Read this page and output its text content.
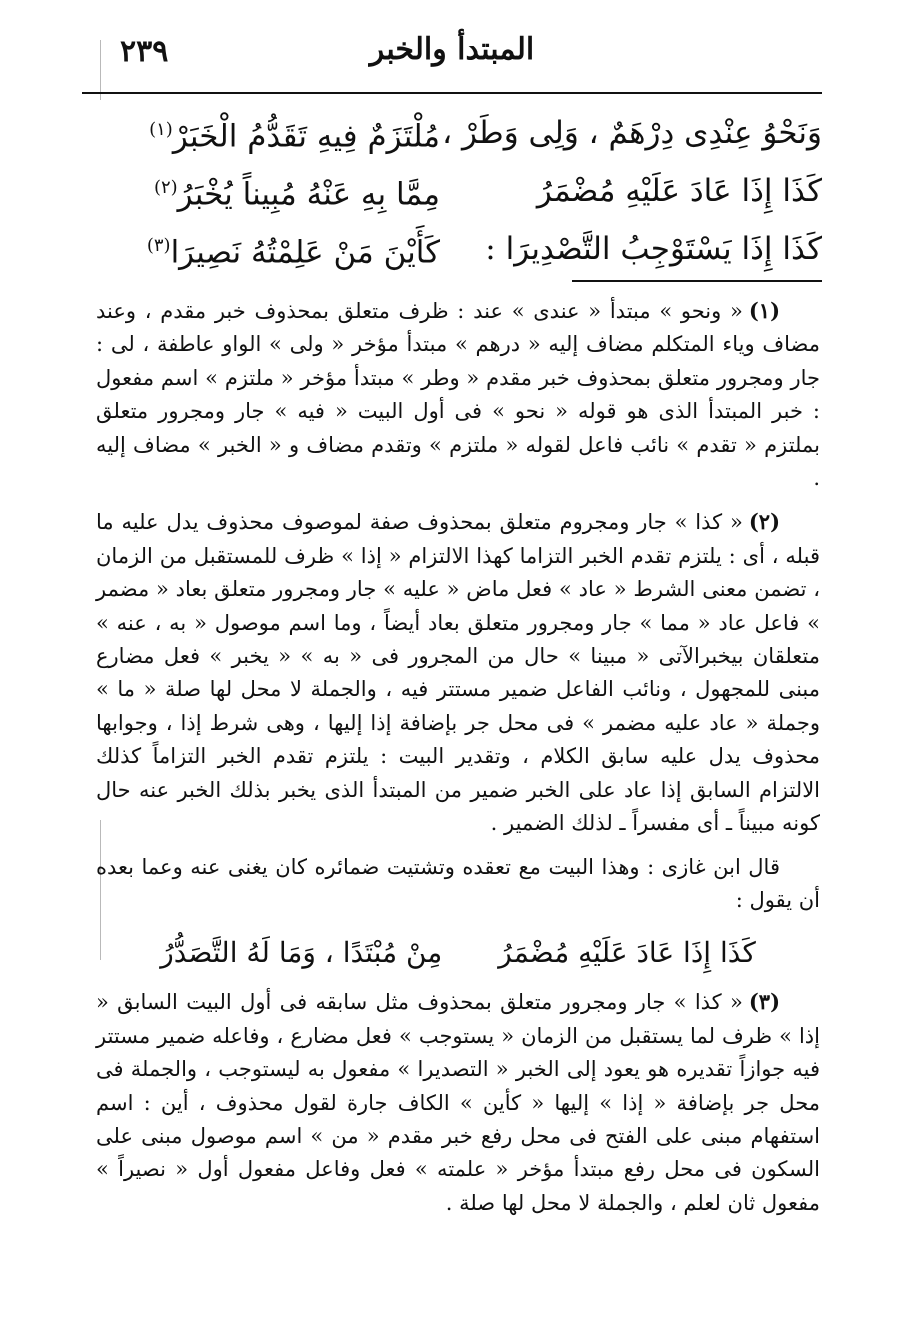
٢٣٩	المبتدأ والخبر
وَنَحْوُ عِنْدِى دِرْهَمٌ ، وَلِى وَطَرْ ،
مُلْتَزَمٌ فِيهِ تَقَدُّمُ الْخَبَرْ$^{(١)}$
كَذَا إِذَا عَادَ عَلَيْهِ مُضْمَرُ
مِمَّا بِهِ عَنْهُ مُبِيناً يُخْبَرُ$^{(٢)}$
كَذَا إِذَا يَسْتَوْجِبُ التَّصْدِيرَا :
كَأَيْنَ مَنْ عَلِمْتُهُ نَصِيرَا$^{(٣)}$

(١)« ونحو » مبتدأ « عندى » عند : ظرف متعلق بمحذوف خبر مقدم ، وعند مضاف وياء المتكلم مضاف إليه « درهم » مبتدأ مؤخر « ولى » الواو عاطفة ، لى : جار ومجرور متعلق بمحذوف خبر مقدم « وطر » مبتدأ مؤخر « ملتزم » اسم مفعول : خبر المبتدأ الذى هو قوله « نحو » فى أول البيت « فيه » جار ومجرور متعلق بملتزم « تقدم » نائب فاعل لقوله « ملتزم » وتقدم مضاف و « الخبر » مضاف إليه .

(٢)« كذا » جار ومجروم متعلق بمحذوف صفة لموصوف محذوف يدل عليه ما قبله ، أى : يلتزم تقدم الخبر التزاما كهذا الالتزام « إذا » ظرف للمستقبل من الزمان ، تضمن معنى الشرط « عاد » فعل ماض « عليه » جار ومجرور متعلق بعاد « مضمر » فاعل عاد « مما » جار ومجرور متعلق بعاد أيضاً ، وما اسم موصول « به ، عنه » متعلقان بيخبرالآتى « مبينا » حال من المجرور فى « به » « يخبر » فعل مضارع مبنى للمجهول ، ونائب الفاعل ضمير مستتر فيه ، والجملة لا محل لها صلة « ما » وجملة « عاد عليه مضمر » فى محل جر بإضافة إذا إليها ، وهى شرط إذا ، وجوابها محذوف يدل عليه سابق الكلام ، وتقدير البيت : يلتزم تقدم الخبر التزاماً كذلك الالتزام السابق إذا عاد على الخبر ضمير من المبتدأ الذى يخبر بذلك الخبر عنه حال كونه مبيناً ـ أى مفسراً ـ لذلك الضمير .

قال ابن غازى : وهذا البيت مع تعقده وتشتيت ضمائره كان يغنى عنه وعما بعده أن يقول :

كَذَا إِذَا عَادَ عَلَيْهِ مُضْمَرُ
مِنْ مُبْتَدًا ، وَمَا لَهُ التَّصَدُّرُ

(٣)« كذا » جار ومجرور متعلق بمحذوف مثل سابقه فى أول البيت السابق « إذا » ظرف لما يستقبل من الزمان « يستوجب » فعل مضارع ، وفاعله ضمير مستتر فيه جوازاً تقديره هو يعود إلى الخبر « التصديرا » مفعول به ليستوجب ، والجملة فى محل جر بإضافة « إذا » إليها « كأين » الكاف جارة لقول محذوف ، أين : اسم استفهام مبنى على الفتح فى محل رفع خبر مقدم « من » اسم موصول مبنى على السكون فى محل رفع مبتدأ مؤخر « علمته » فعل وفاعل مفعول أول « نصيراً » مفعول ثان لعلم ، والجملة لا محل لها صلة .
